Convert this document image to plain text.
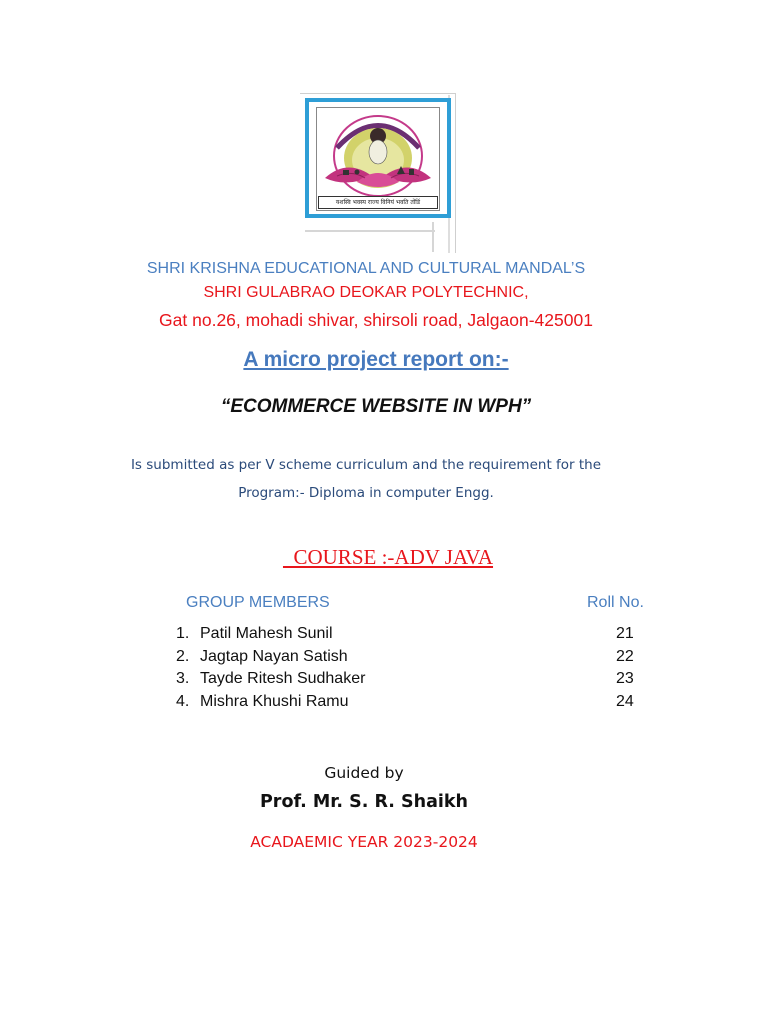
यशस्वि भवस्य राज्य विनियं भवति तोंडिं
SHRI KRISHNA EDUCATIONAL AND CULTURAL MANDAL’S
SHRI GULABRAO DEOKAR POLYTECHNIC,
Gat no.26, mohadi shivar, shirsoli road, Jalgaon-425001
A micro project report on:-
“ECOMMERCE WEBSITE IN WPH”
Is submitted as per V scheme curriculum and the requirement for the
Program:- Diploma in computer Engg.
COURSE :-ADV JAVA
GROUP MEMBERS	Roll No.
1. Patil Mahesh Sunil	21
2. Jagtap Nayan Satish	22
3. Tayde Ritesh Sudhaker	23
4. Mishra Khushi Ramu	24
Guided by
Prof. Mr. S. R. Shaikh
ACADAEMIC YEAR 2023-2024
